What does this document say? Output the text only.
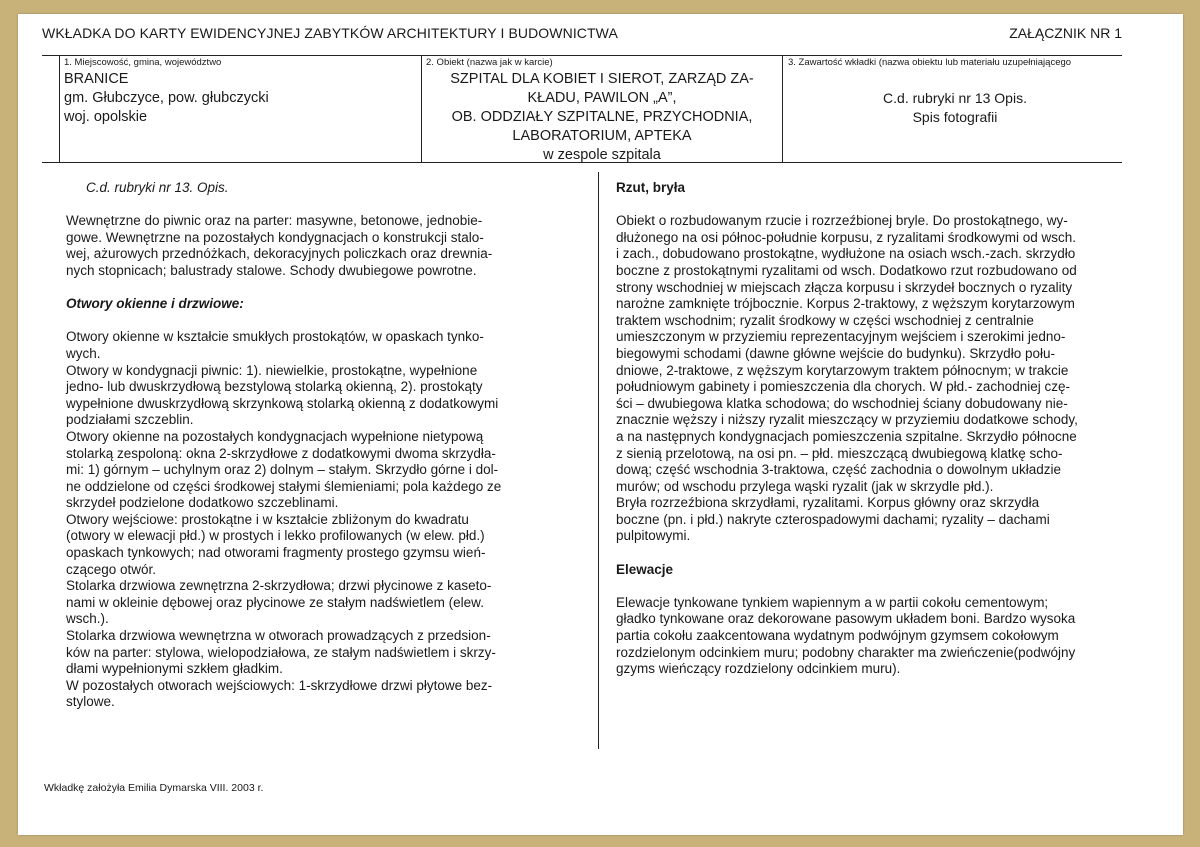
WKŁADKA DO KARTY EWIDENCYJNEJ ZABYTKÓW ARCHITEKTURY I BUDOWNICTWA	ZAŁĄCZNIK NR 1
1. Miejscowość, gmina, województwo
BRANICE
gm. Głubczyce, pow. głubczycki
woj. opolskie
2. Obiekt (nazwa jak w karcie)
SZPITAL DLA KOBIET I SIEROT, ZARZĄD ZA-
KŁADU, PAWILON „A”,
OB. ODDZIAŁY SZPITALNE, PRZYCHODNIA,
LABORATORIUM, APTEKA
w zespole szpitala
3. Zawartość wkładki (nazwa obiektu lub materiału uzupełniającego
C.d. rubryki nr 13 Opis.
Spis fotografii

C.d. rubryki nr 13. Opis.

Wewnętrzne do piwnic oraz na parter: masywne, betonowe, jednobie-

gowe. Wewnętrzne na pozostałych kondygnacjach o konstrukcji stalo-

wej, ażurowych przednóżkach, dekoracyjnych policzkach oraz drewnia-

nych stopnicach; balustrady stalowe. Schody dwubiegowe powrotne.

Otwory okienne i drzwiowe:

Otwory okienne w kształcie smukłych prostokątów, w opaskach tynko-

wych.

Otwory w kondygnacji piwnic: 1). niewielkie, prostokątne, wypełnione

jedno- lub dwuskrzydłową bezstylową stolarką okienną, 2). prostokąty

wypełnione dwuskrzydłową skrzynkową stolarką okienną z dodatkowymi

podziałami szczeblin.

Otwory okienne na pozostałych kondygnacjach wypełnione nietypową

stolarką zespoloną: okna 2-skrzydłowe z dodatkowymi dwoma skrzydła-

mi: 1) górnym – uchylnym oraz 2) dolnym – stałym. Skrzydło górne i dol-

ne oddzielone od części środkowej stałymi ślemieniami; pola każdego ze

skrzydeł podzielone dodatkowo szczeblinami.

Otwory wejściowe: prostokątne i w kształcie zbliżonym do kwadratu

(otwory w elewacji płd.) w prostych i lekko profilowanych (w elew. płd.)

opaskach tynkowych; nad otworami fragmenty prostego gzymsu wień-

czącego otwór.

Stolarka drzwiowa zewnętrzna 2-skrzydłowa; drzwi płycinowe z kaseto-

nami w okleinie dębowej oraz płycinowe ze stałym nadświetlem (elew.

wsch.).

Stolarka drzwiowa wewnętrzna w otworach prowadzących z przedsion-

ków na parter: stylowa, wielopodziałowa, ze stałym nadświetlem i skrzy-

dłami wypełnionymi szkłem gładkim.

W pozostałych otworach wejściowych: 1-skrzydłowe drzwi płytowe bez-

stylowe.

Rzut, bryła

Obiekt o rozbudowanym rzucie i rozrzeźbionej bryle. Do prostokątnego, wy-

dłużonego na osi północ-południe korpusu, z ryzalitami środkowymi od wsch.

i zach., dobudowano prostokątne, wydłużone na osiach wsch.-zach. skrzydło

boczne z prostokątnymi ryzalitami od wsch. Dodatkowo rzut rozbudowano od

strony wschodniej w miejscach złącza korpusu i skrzydeł bocznych o ryzality

narożne zamknięte trójbocznie. Korpus 2-traktowy, z węższym korytarzowym

traktem wschodnim; ryzalit środkowy w części wschodniej z centralnie

umieszczonym w przyziemiu reprezentacyjnym wejściem i szerokimi jedno-

biegowymi schodami (dawne główne wejście do budynku). Skrzydło połu-

dniowe, 2-traktowe, z węższym korytarzowym traktem północnym; w trakcie

południowym gabinety i pomieszczenia dla chorych. W płd.- zachodniej czę-

ści – dwubiegowa klatka schodowa; do wschodniej ściany dobudowany nie-

znacznie węższy i niższy ryzalit mieszczący w przyziemiu dodatkowe schody,

a na następnych kondygnacjach pomieszczenia szpitalne. Skrzydło północne

z sienią przelotową, na osi pn. – płd. mieszczącą dwubiegową klatkę scho-

dową; część wschodnia 3-traktowa, część zachodnia o dowolnym układzie

murów; od wschodu przylega wąski ryzalit (jak w skrzydle płd.).

Bryła rozrzeźbiona skrzydłami, ryzalitami. Korpus główny oraz skrzydła

boczne (pn. i płd.) nakryte czterospadowymi dachami; ryzality – dachami

pulpitowymi.

Elewacje

Elewacje tynkowane tynkiem wapiennym a w partii cokołu cementowym;

gładko tynkowane oraz dekorowane pasowym układem boni. Bardzo wysoka

partia cokołu zaakcentowana wydatnym podwójnym gzymsem cokołowym

rozdzielonym odcinkiem muru; podobny charakter ma zwieńczenie(podwójny

gzyms wieńczący rozdzielony odcinkiem muru).

Wkładkę założyła Emilia Dymarska VIII. 2003 r.
